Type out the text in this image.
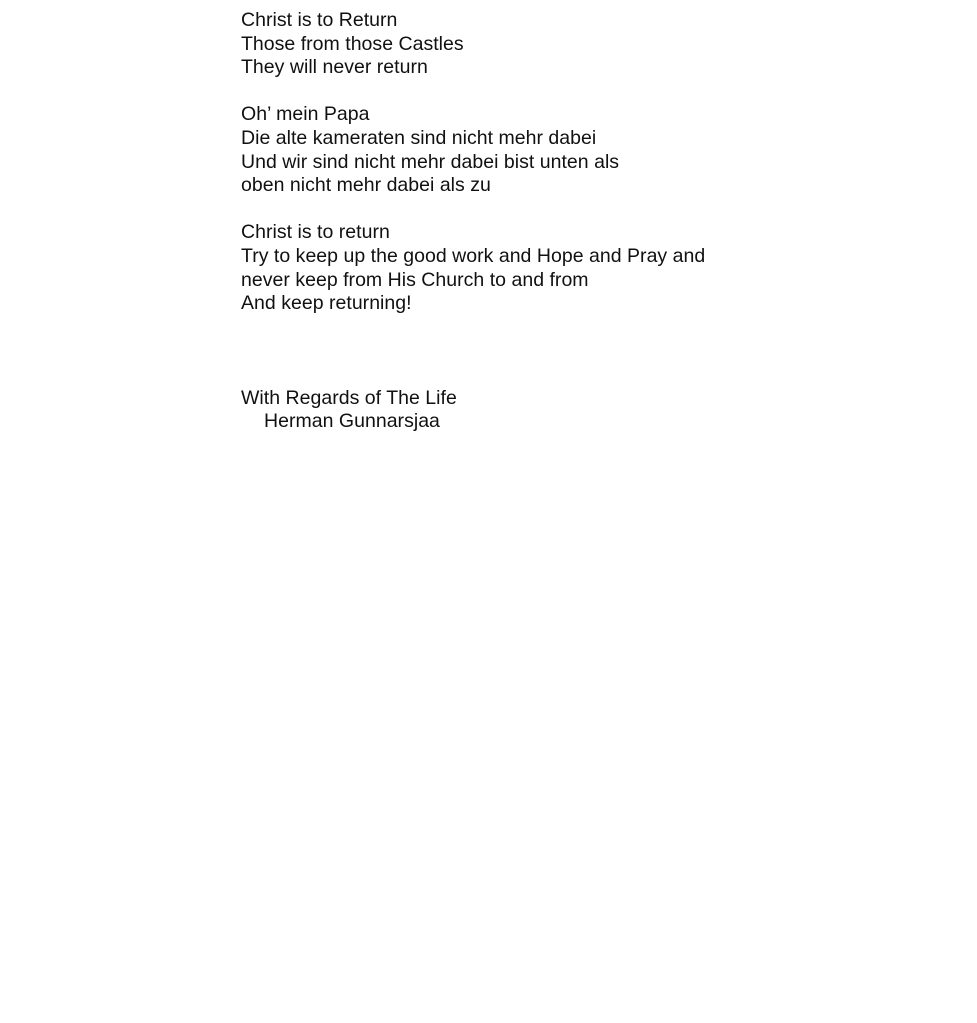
Christ is to Return
Those from those Castles
They will never return
Oh’ mein Papa
Die alte kameraten sind nicht mehr dabei
Und wir sind nicht mehr dabei bist unten als
oben nicht mehr dabei als zu
Christ is to return
Try to keep up the good work and Hope and Pray and
never keep from His Church to and from
And keep returning!
With Regards of The Life
Herman Gunnarsjaa
